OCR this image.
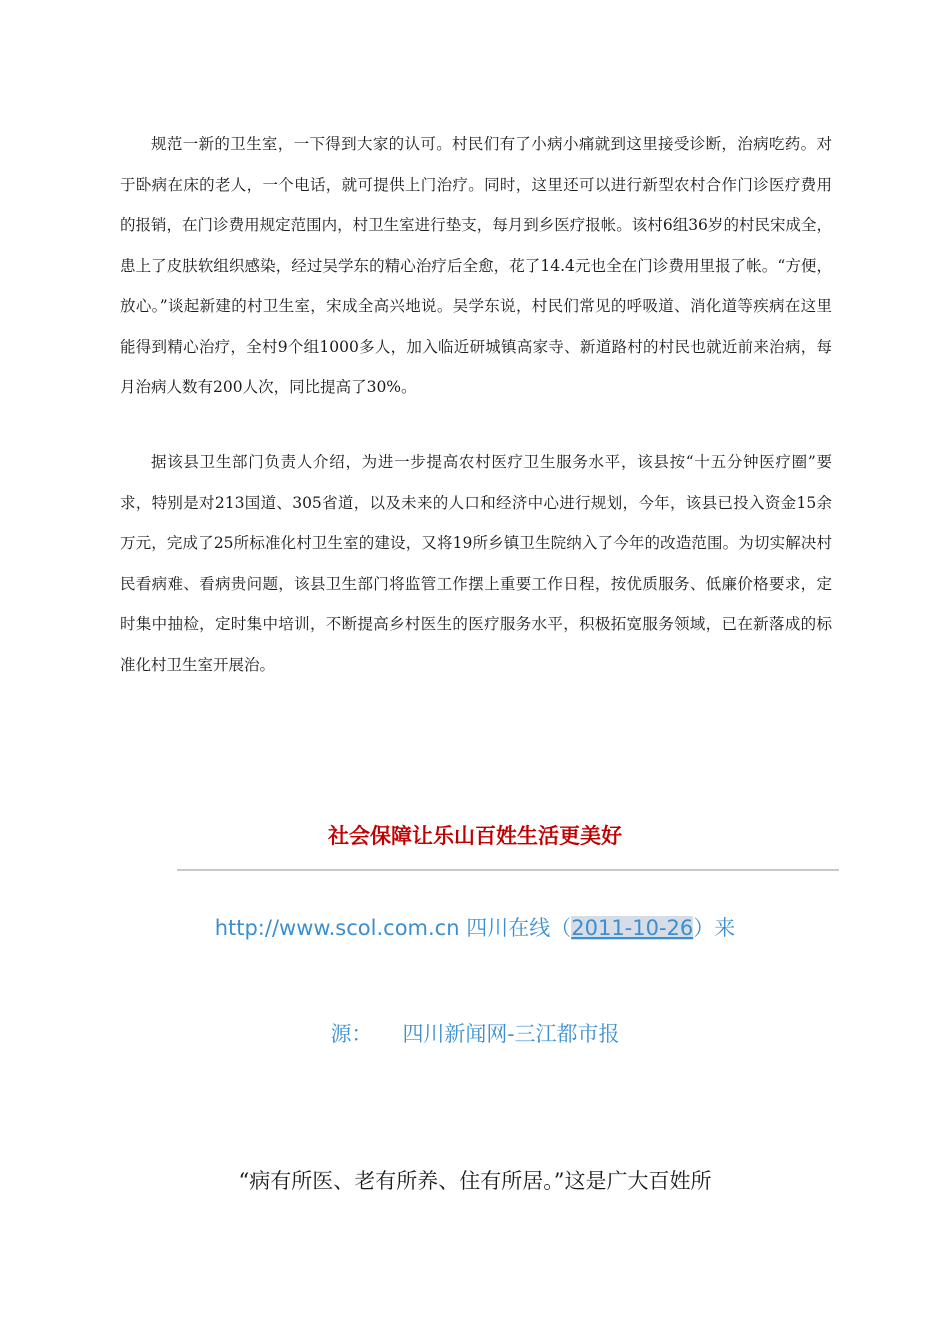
规范一新的卫生室，一下得到大家的认可。村民们有了小病小痛就到这里接受诊断，治病吃药。对于卧病在床的老人，一个电话，就可提供上门治疗。同时，这里还可以进行新型农村合作门诊医疗费用的报销，在门诊费用规定范围内，村卫生室进行垫支，每月到乡医疗报帐。该村6组36岁的村民宋成全，患上了皮肤软组织感染，经过吴学东的精心治疗后全愈，花了14.4元也全在门诊费用里报了帐。“方便，放心。”谈起新建的村卫生室，宋成全高兴地说。吴学东说，村民们常见的呼吸道、消化道等疾病在这里能得到精心治疗，全村9个组1000多人，加入临近研城镇高家寺、新道路村的村民也就近前来治病，每月治病人数有200人次，同比提高了30%。

据该县卫生部门负责人介绍，为进一步提高农村医疗卫生服务水平，该县按“十五分钟医疗圈”要求，特别是对213国道、305省道，以及未来的人口和经济中心进行规划，今年，该县已投入资金15余万元，完成了25所标准化村卫生室的建设，又将19所乡镇卫生院纳入了今年的改造范围。为切实解决村民看病难、看病贵问题，该县卫生部门将监管工作摆上重要工作日程，按优质服务、低廉价格要求，定时集中抽检，定时集中培训，不断提高乡村医生的医疗服务水平，积极拓宽服务领域，已在新落成的标准化村卫生室开展治。

社会保障让乐山百姓生活更美好

http://www.scol.com.cn 四川在线（2011-10-26）来

源： 四川新闻网-三江都市报

“病有所医、老有所养、住有所居。”这是广大百姓所
